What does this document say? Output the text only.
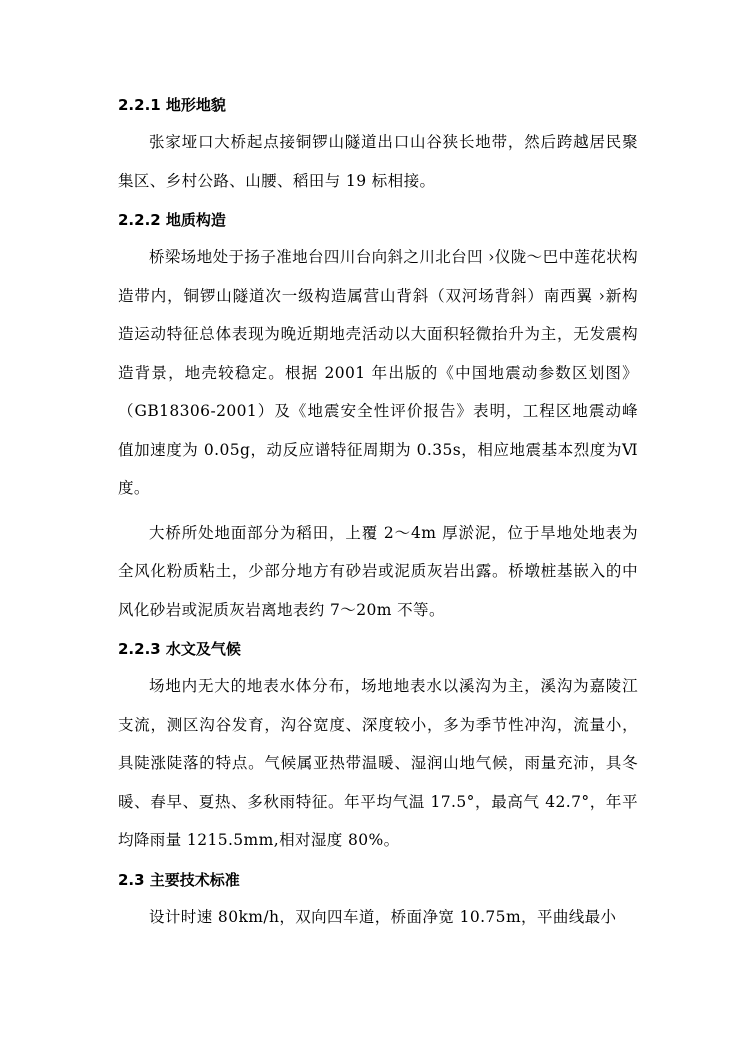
2.2.1 地形地貌

张家垭口大桥起点接铜锣山隧道出口山谷狭长地带，然后跨越居民聚集区、乡村公路、山腰、稻田与 19 标相接。

2.2.2 地质构造

桥梁场地处于扬子准地台四川台向斜之川北台凹 ›仪陇～巴中莲花状构造带内，铜锣山隧道次一级构造属营山背斜（双河场背斜）南西翼 ›新构造运动特征总体表现为晚近期地壳活动以大面积轻微抬升为主，无发震构造背景，地壳较稳定。根据 2001 年出版的《中国地震动参数区划图》（GB18306-2001）及《地震安全性评价报告》表明，工程区地震动峰值加速度为 0.05g，动反应谱特征周期为 0.35s，相应地震基本烈度为Ⅵ度。

大桥所处地面部分为稻田，上覆 2～4m 厚淤泥，位于旱地处地表为全风化粉质粘土，少部分地方有砂岩或泥质灰岩出露。桥墩桩基嵌入的中风化砂岩或泥质灰岩离地表约 7～20m 不等。

2.2.3 水文及气候

场地内无大的地表水体分布，场地地表水以溪沟为主，溪沟为嘉陵江支流，测区沟谷发育，沟谷宽度、深度较小，多为季节性冲沟，流量小，具陡涨陡落的特点。气候属亚热带温暖、湿润山地气候，雨量充沛，具冬暖、春早、夏热、多秋雨特征。年平均气温 17.5°，最高气 42.7°，年平均降雨量 1215.5mm,相对湿度 80%。

2.3 主要技术标准

设计时速 80km/h，双向四车道，桥面净宽 10.75m，平曲线最小
